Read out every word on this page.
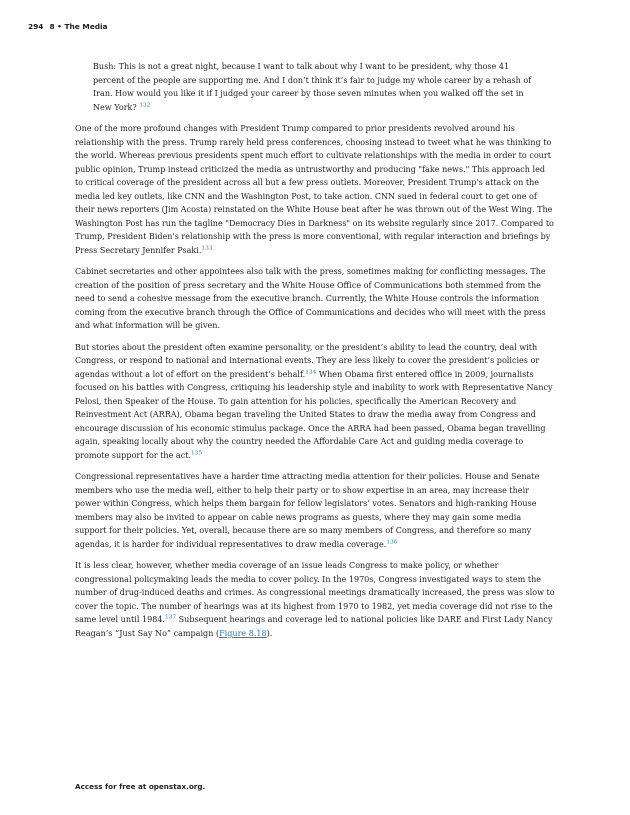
294 8 • The Media

Bush: This is not a great night, because I want to talk about why I want to be president, why those 41 percent of the people are supporting me. And I don’t think it’s fair to judge my whole career by a rehash of Iran. How would you like it if I judged your career by those seven minutes when you walked off the set in New York? $^{132}$

One of the more profound changes with President Trump compared to prior presidents revolved around his relationship with the press. Trump rarely held press conferences, choosing instead to tweet what he was thinking to the world. Whereas previous presidents spent much effort to cultivate relationships with the media in order to court public opinion, Trump instead criticized the media as untrustworthy and producing "fake news." This approach led to critical coverage of the president across all but a few press outlets. Moreover, President Trump's attack on the media led key outlets, like CNN and the Washington Post, to take action. CNN sued in federal court to get one of their news reporters (Jim Acosta) reinstated on the White House beat after he was thrown out of the West Wing. The Washington Post has run the tagline "Democracy Dies in Darkness" on its website regularly since 2017. Compared to Trump, President Biden's relationship with the press is more conventional, with regular interaction and briefings by Press Secretary Jennifer Psaki.$^{133}$

Cabinet secretaries and other appointees also talk with the press, sometimes making for conflicting messages. The creation of the position of press secretary and the White House Office of Communications both stemmed from the need to send a cohesive message from the executive branch. Currently, the White House controls the information coming from the executive branch through the Office of Communications and decides who will meet with the press and what information will be given.

But stories about the president often examine personality, or the president’s ability to lead the country, deal with Congress, or respond to national and international events. They are less likely to cover the president’s policies or agendas without a lot of effort on the president’s behalf.$^{134}$ When Obama first entered office in 2009, journalists focused on his battles with Congress, critiquing his leadership style and inability to work with Representative Nancy Pelosi, then Speaker of the House. To gain attention for his policies, specifically the American Recovery and Reinvestment Act (ARRA), Obama began traveling the United States to draw the media away from Congress and encourage discussion of his economic stimulus package. Once the ARRA had been passed, Obama began travelling again, speaking locally about why the country needed the Affordable Care Act and guiding media coverage to promote support for the act.$^{135}$

Congressional representatives have a harder time attracting media attention for their policies. House and Senate members who use the media well, either to help their party or to show expertise in an area, may increase their power within Congress, which helps them bargain for fellow legislators’ votes. Senators and high-ranking House members may also be invited to appear on cable news programs as guests, where they may gain some media support for their policies. Yet, overall, because there are so many members of Congress, and therefore so many agendas, it is harder for individual representatives to draw media coverage.$^{136}$

It is less clear, however, whether media coverage of an issue leads Congress to make policy, or whether congressional policymaking leads the media to cover policy. In the 1970s, Congress investigated ways to stem the number of drug-induced deaths and crimes. As congressional meetings dramatically increased, the press was slow to cover the topic. The number of hearings was at its highest from 1970 to 1982, yet media coverage did not rise to the same level until 1984.$^{137}$ Subsequent hearings and coverage led to national policies like DARE and First Lady Nancy Reagan’s “Just Say No” campaign (Figure 8.18).

Access for free at openstax.org.
